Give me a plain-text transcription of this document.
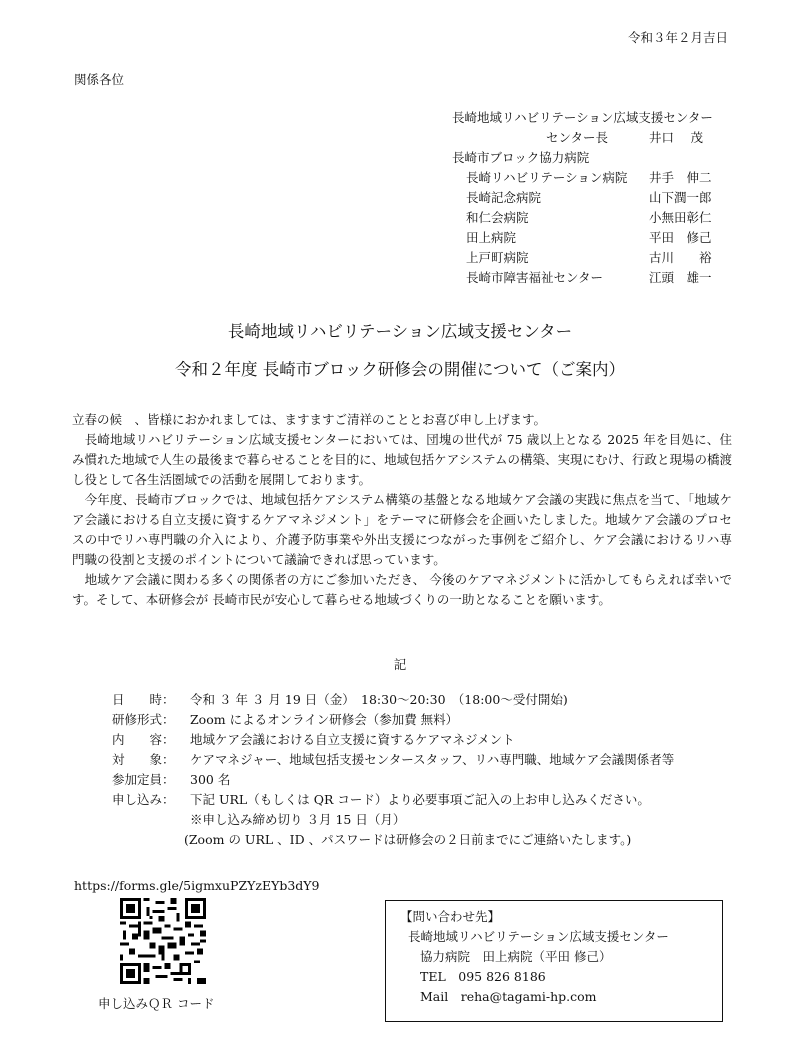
令和３年２月吉日
関係各位
長崎地域リハビリテーション広域支援センター
センター長	井口　 茂
長崎市ブロック協力病院
長崎リハビリテーション病院 井手　伸二
長崎記念病院	山下潤一郎
和仁会病院	小無田彰仁
田上病院	平田　修己
上戸町病院	古川　　裕
長崎市障害福祉センター	江頭　雄一
長崎地域リハビリテーション広域支援センター
令和２年度 長崎市ブロック研修会の開催について（ご案内）

立春の候　、皆様におかれましては、ますますご清祥のこととお喜び申し上げます。

　長崎地域リハビリテーション広域支援センターにおいては、団塊の世代が 75 歳以上となる 2025 年を目処に、住み慣れた地域で人生の最後まで暮らせることを目的に、地域包括ケアシステムの構築、実現にむけ、行政と現場の橋渡し役として各生活圏域での活動を展開しております。

　今年度、長崎市ブロックでは、地域包括ケアシステム構築の基盤となる地域ケア会議の実践に焦点を当て、「地域ケア会議における自立支援に資するケアマネジメント」をテーマに研修会を企画いたしました。地域ケア会議のプロセスの中でリハ専門職の介入により、介護予防事業や外出支援につながった事例をご紹介し、ケア会議におけるリハ専門職の役割と支援のポイントについて議論できれば思っています。

　地域ケア会議に関わる多くの関係者の方にご参加いただき、 今後のケアマネジメントに活かしてもらえれば幸いです。そして、本研修会が 長崎市民が安心して暮らせる地域づくりの一助となることを願います。

記
日　　時：	令和 ３ 年 ３ 月 19 日（金）　18:30〜20:30　（18:00〜受付開始)
研修形式：	Zoom によるオンライン研修会（参加費 無料）
内　　容：	地域ケア会議における自立支援に資するケアマネジメント
対　　象：	ケアマネジャー、地域包括支援センタースタッフ、リハ専門職、地域ケア会議関係者等
参加定員：	300 名
申し込み：	下記 URL（もしくは QR コード）より必要事項ご記入の上お申し込みください。
※申し込み締め切り ３月 15 日（月）
(Zoom の URL 、ID 、パスワードは研修会の２日前までにご連絡いたします。)
https://forms.gle/5igmxuPZYzEYb3dY9
申し込みＱＲ コード
【問い合わせ先】
長崎地域リハビリテーション広域支援センター
協力病院　田上病院（平田 修己）
TEL　095 826 8186
Mail　reha@tagami-hp.com
